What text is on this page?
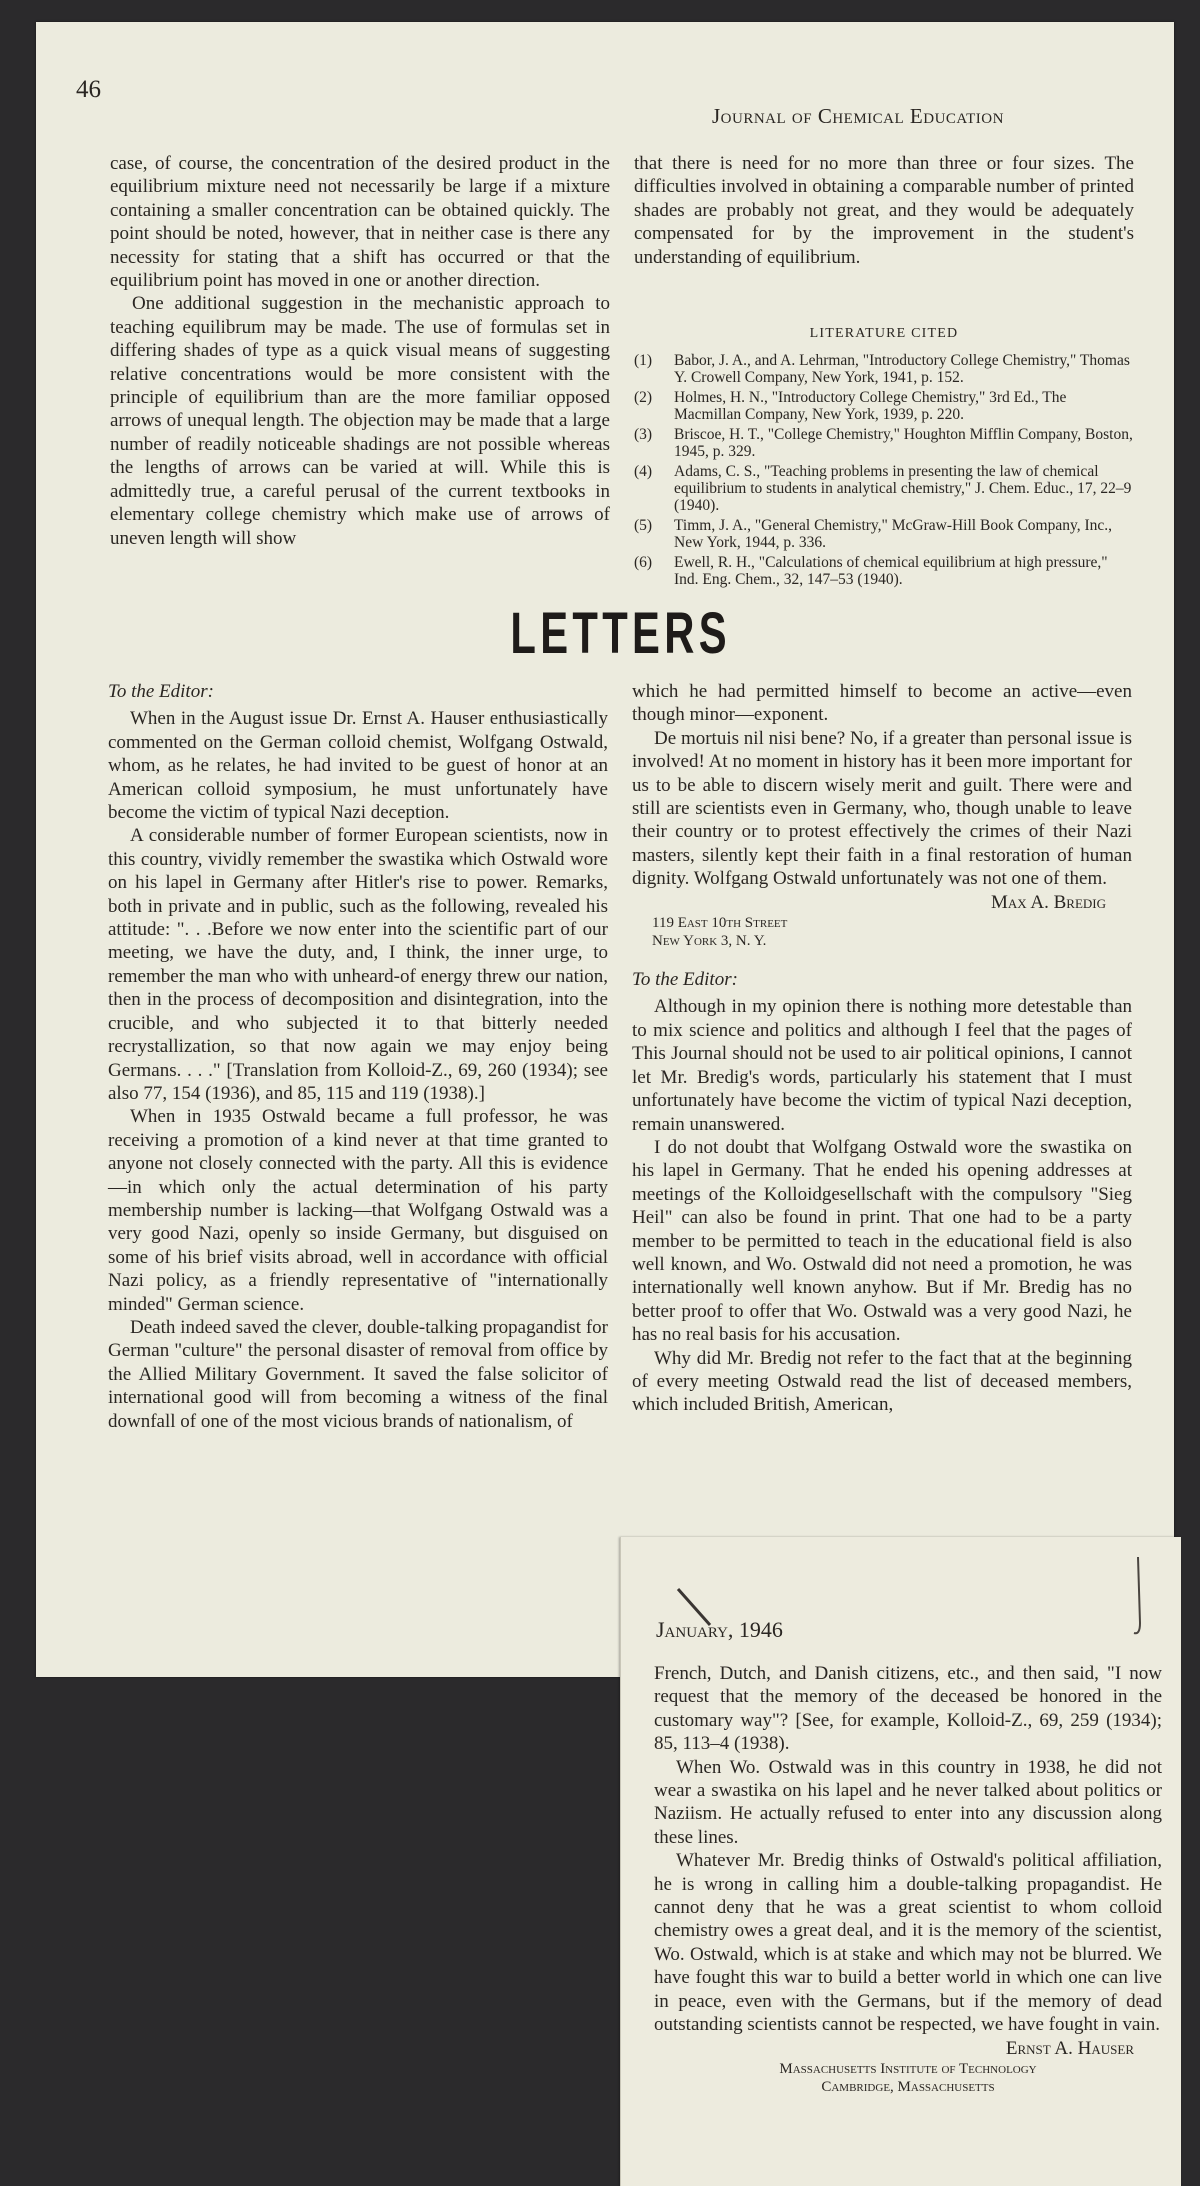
46
Journal of Chemical Education

case, of course, the concentration of the desired product in the equilibrium mixture need not necessarily be large if a mixture containing a smaller concentration can be obtained quickly. The point should be noted, however, that in neither case is there any necessity for stating that a shift has occurred or that the equilibrium point has moved in one or another direction.

One additional suggestion in the mechanistic approach to teaching equilibrum may be made. The use of formulas set in differing shades of type as a quick visual means of suggesting relative concentrations would be more consistent with the principle of equilibrium than are the more familiar opposed arrows of unequal length. The objection may be made that a large number of readily noticeable shadings are not possible whereas the lengths of arrows can be varied at will. While this is admittedly true, a careful perusal of the current textbooks in elementary college chemistry which make use of arrows of uneven length will show

that there is need for no more than three or four sizes. The difficulties involved in obtaining a comparable number of printed shades are probably not great, and they would be adequately compensated for by the improvement in the student's understanding of equilibrium.

LITERATURE CITED
(1) Babor, J. A., and A. Lehrman, "Introductory College Chemistry," Thomas Y. Crowell Company, New York, 1941, p. 152.
(2) Holmes, H. N., "Introductory College Chemistry," 3rd Ed., The Macmillan Company, New York, 1939, p. 220.
(3) Briscoe, H. T., "College Chemistry," Houghton Mifflin Company, Boston, 1945, p. 329.
(4) Adams, C. S., "Teaching problems in presenting the law of chemical equilibrium to students in analytical chemistry," J. Chem. Educ., 17, 22–9 (1940).
(5) Timm, J. A., "General Chemistry," McGraw-Hill Book Company, Inc., New York, 1944, p. 336.
(6) Ewell, R. H., "Calculations of chemical equilibrium at high pressure," Ind. Eng. Chem., 32, 147–53 (1940).
LETTERS

To the Editor:

When in the August issue Dr. Ernst A. Hauser enthusiastically commented on the German colloid chemist, Wolfgang Ostwald, whom, as he relates, he had invited to be guest of honor at an American colloid symposium, he must unfortunately have become the victim of typical Nazi deception.

A considerable number of former European scientists, now in this country, vividly remember the swastika which Ostwald wore on his lapel in Germany after Hitler's rise to power. Remarks, both in private and in public, such as the following, revealed his attitude: ". . .Before we now enter into the scientific part of our meeting, we have the duty, and, I think, the inner urge, to remember the man who with unheard-of energy threw our nation, then in the process of decomposition and disintegration, into the crucible, and who subjected it to that bitterly needed recrystallization, so that now again we may enjoy being Germans. . . ." [Translation from Kolloid-Z., 69, 260 (1934); see also 77, 154 (1936), and 85, 115 and 119 (1938).]

When in 1935 Ostwald became a full professor, he was receiving a promotion of a kind never at that time granted to anyone not closely connected with the party. All this is evidence—in which only the actual determination of his party membership number is lacking—that Wolfgang Ostwald was a very good Nazi, openly so inside Germany, but disguised on some of his brief visits abroad, well in accordance with official Nazi policy, as a friendly representative of "internationally minded" German science.

Death indeed saved the clever, double-talking propagandist for German "culture" the personal disaster of removal from office by the Allied Military Government. It saved the false solicitor of international good will from becoming a witness of the final downfall of one of the most vicious brands of nationalism, of

which he had permitted himself to become an active—even though minor—exponent.

De mortuis nil nisi bene? No, if a greater than personal issue is involved! At no moment in history has it been more important for us to be able to discern wisely merit and guilt. There were and still are scientists even in Germany, who, though unable to leave their country or to protest effectively the crimes of their Nazi masters, silently kept their faith in a final restoration of human dignity. Wolfgang Ostwald unfortunately was not one of them.

Max A. Bredig
119 East 10th Street
New York 3, N. Y.

To the Editor:

Although in my opinion there is nothing more detestable than to mix science and politics and although I feel that the pages of This Journal should not be used to air political opinions, I cannot let Mr. Bredig's words, particularly his statement that I must unfortunately have become the victim of typical Nazi deception, remain unanswered.

I do not doubt that Wolfgang Ostwald wore the swastika on his lapel in Germany. That he ended his opening addresses at meetings of the Kolloidgesellschaft with the compulsory "Sieg Heil" can also be found in print. That one had to be a party member to be permitted to teach in the educational field is also well known, and Wo. Ostwald did not need a promotion, he was internationally well known anyhow. But if Mr. Bredig has no better proof to offer that Wo. Ostwald was a very good Nazi, he has no real basis for his accusation.

Why did Mr. Bredig not refer to the fact that at the beginning of every meeting Ostwald read the list of deceased members, which included British, American,

January, 1946

French, Dutch, and Danish citizens, etc., and then said, "I now request that the memory of the deceased be honored in the customary way"? [See, for example, Kolloid-Z., 69, 259 (1934); 85, 113–4 (1938).

When Wo. Ostwald was in this country in 1938, he did not wear a swastika on his lapel and he never talked about politics or Naziism. He actually refused to enter into any discussion along these lines.

Whatever Mr. Bredig thinks of Ostwald's political affiliation, he is wrong in calling him a double-talking propagandist. He cannot deny that he was a great scientist to whom colloid chemistry owes a great deal, and it is the memory of the scientist, Wo. Ostwald, which is at stake and which may not be blurred. We have fought this war to build a better world in which one can live in peace, even with the Germans, but if the memory of dead outstanding scientists cannot be respected, we have fought in vain.

Ernst A. Hauser
Massachusetts Institute of Technology
Cambridge, Massachusetts
